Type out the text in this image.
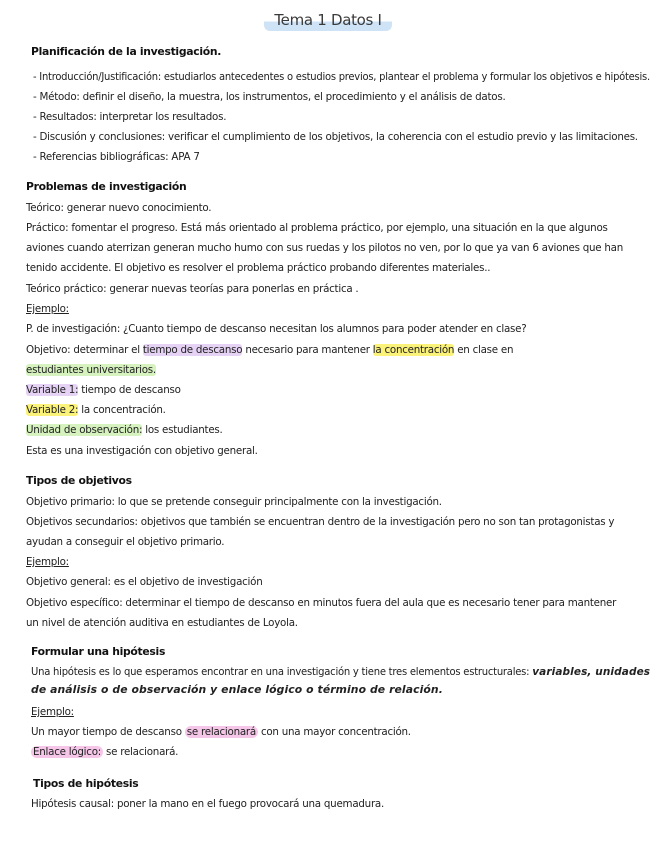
Tema 1 Datos I
Planificación de la investigación.
- Introducción/Justificación: estudiarlos antecedentes o estudios previos, plantear el problema y formular los objetivos e hipótesis.
- Método: definir el diseño, la muestra, los instrumentos, el procedimiento y el análisis de datos.
- Resultados: interpretar los resultados.
- Discusión y conclusiones: verificar el cumplimiento de los objetivos, la coherencia con el estudio previo y las limitaciones.
- Referencias bibliográficas: APA 7
Problemas de investigación
Teórico: generar nuevo conocimiento.
Práctico: fomentar el progreso. Está más orientado al problema práctico, por ejemplo, una situación en la que algunos
aviones cuando aterrizan generan mucho humo con sus ruedas y los pilotos no ven, por lo que ya van 6 aviones que han
tenido accidente. El objetivo es resolver el problema práctico probando diferentes materiales..
Teórico práctico: generar nuevas teorías para ponerlas en práctica .
Ejemplo:
P. de investigación: ¿Cuanto tiempo de descanso necesitan los alumnos para poder atender en clase?
Objetivo: determinar el tiempo de descanso necesario para mantener la concentración en clase en
estudiantes universitarios.
Variable 1: tiempo de descanso
Variable 2: la concentración.
Unidad de observación: los estudiantes.
Esta es una investigación con objetivo general.
Tipos de objetivos
Objetivo primario: lo que se pretende conseguir principalmente con la investigación.
Objetivos secundarios: objetivos que también se encuentran dentro de la investigación pero no son tan protagonistas y
ayudan a conseguir el objetivo primario.
Ejemplo:
Objetivo general: es el objetivo de investigación
Objetivo específico: determinar el tiempo de descanso en minutos fuera del aula que es necesario tener para mantener
un nivel de atención auditiva en estudiantes de Loyola.
Formular una hipótesis
Una hipótesis es lo que esperamos encontrar en una investigación y tiene tres elementos estructurales: variables, unidades
de análisis o de observación y enlace lógico o término de relación.
Ejemplo:
Un mayor tiempo de descanso se relacionará con una mayor concentración.
Enlace lógico: se relacionará.
Tipos de hipótesis
Hipótesis causal: poner la mano en el fuego provocará una quemadura.
